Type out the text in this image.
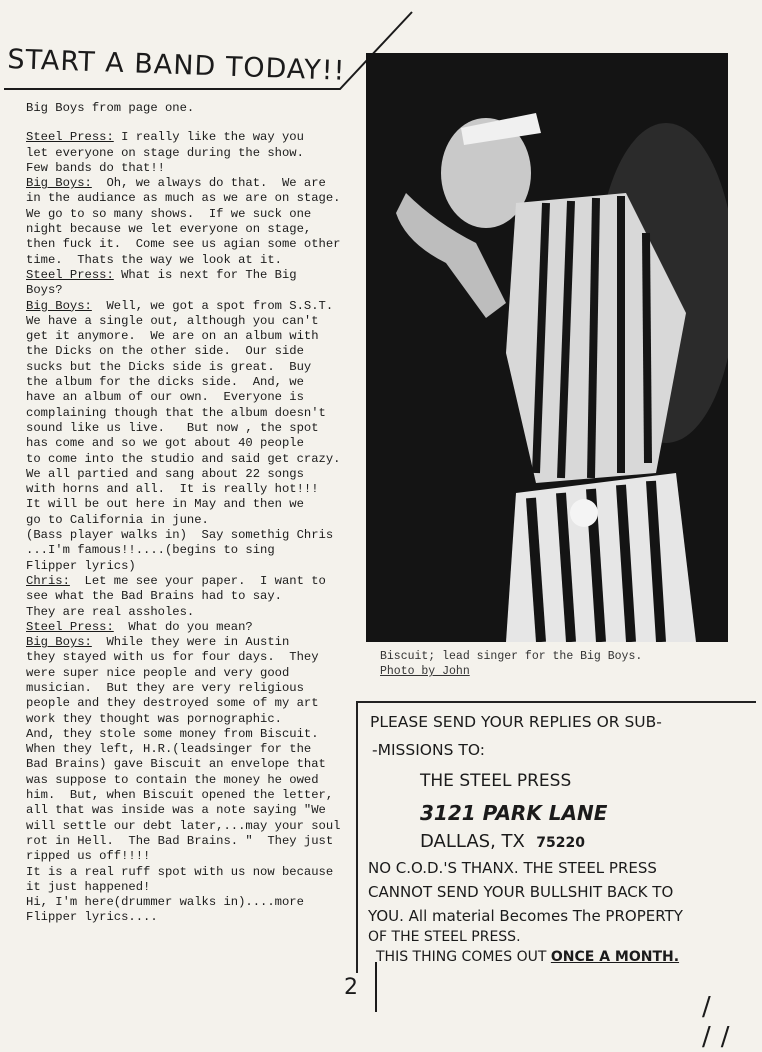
START A BAND TODAY!!

Big Boys from page one.

Steel Press: I really like the way you
let everyone on stage during the show.
Few bands do that!!

Big Boys:  Oh, we always do that.  We are
in the audiance as much as we are on stage.
We go to so many shows.  If we suck one
night because we let everyone on stage,
then fuck it.  Come see us agian some other
time.  Thats the way we look at it.

Steel Press: What is next for The Big
Boys?

Big Boys:  Well, we got a spot from S.S.T.
We have a single out, although you can't
get it anymore.  We are on an album with
the Dicks on the other side.  Our side
sucks but the Dicks side is great.  Buy
the album for the dicks side.  And, we
have an album of our own.  Everyone is
complaining though that the album doesn't
sound like us live.   But now , the spot
has come and so we got about 40 people
to come into the studio and said get crazy.
We all partied and sang about 22 songs
with horns and all.  It is really hot!!!
It will be out here in May and then we
go to California in june.

(Bass player walks in)  Say somethig Chris
...I'm famous!!....(begins to sing
Flipper lyrics)

Chris:  Let me see your paper.  I want to
see what the Bad Brains had to say.
They are real assholes.

Steel Press:  What do you mean?

Big Boys:  While they were in Austin
they stayed with us for four days.  They
were super nice people and very good
musician.  But they are very religious
people and they destroyed some of my art
work they thought was pornographic.
And, they stole some money from Biscuit.
When they left, H.R.(leadsinger for the
Bad Brains) gave Biscuit an envelope that
was suppose to contain the money he owed
him.  But, when Biscuit opened the letter,
all that was inside was a note saying "We
will settle our debt later,...may your soul
rot in Hell.  The Bad Brains. "  They just
ripped us off!!!!

It is a real ruff spot with us now because
it just happened!

Hi, I'm here(drummer walks in)....more
Flipper lyrics....

Biscuit; lead singer for the Big Boys.
Photo by John
PLEASE SEND YOUR REPLIES OR SUB-
-MISSIONS TO:
THE STEEL PRESS
3121 PARK LANE
DALLAS, TX 75220
NO C.O.D.'S THANX. THE STEEL PRESS
CANNOT SEND YOUR BULLSHIT BACK TO
YOU. All material Becomes The PROPERTY
OF THE STEEL PRESS.
THIS THING COMES OUT ONCE A MONTH.
2
/ //
